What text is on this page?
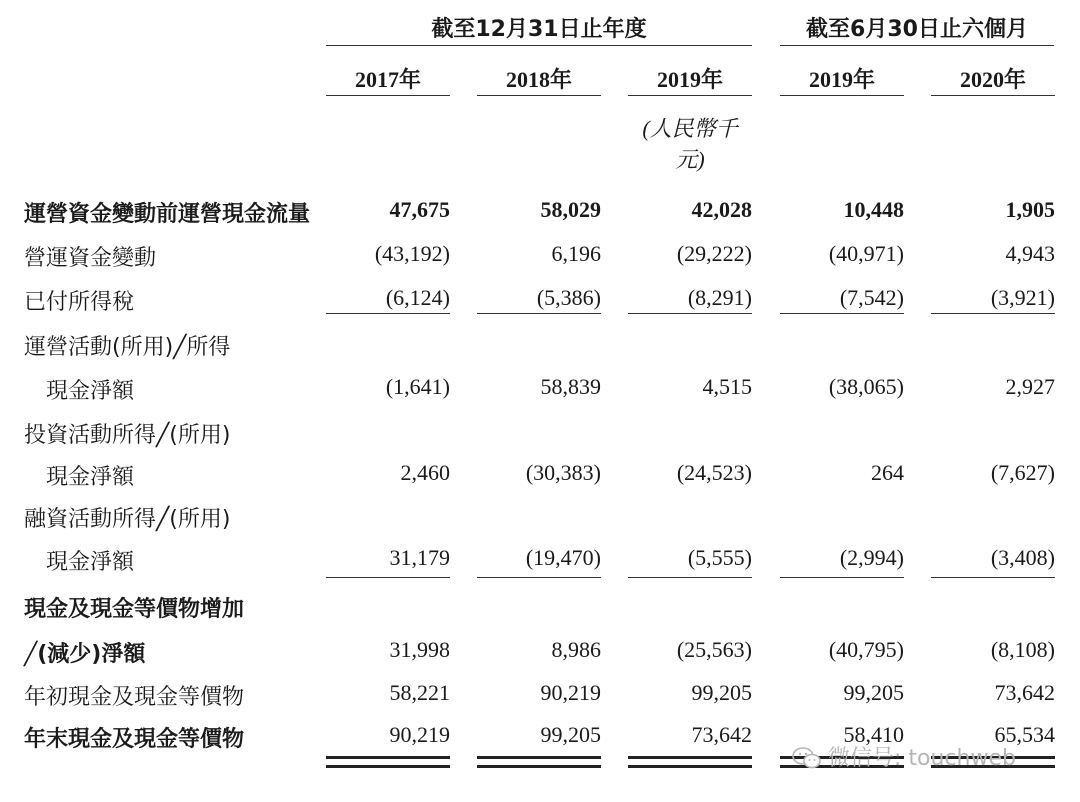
截至12月31日止年度	截至6月30日止六個月
2017年	2018年	2019年	2019年	2020年
(人民幣千元)
運營資金變動前運營現金流量	47,675	58,029	42,028	10,448	1,905
營運資金變動	(43,192)	6,196	(29,222)	(40,971)	4,943
已付所得稅	(6,124)	(5,386)	(8,291)	(7,542)	(3,921)
運營活動(所用)╱所得
　現金淨額	(1,641)	58,839	4,515	(38,065)	2,927
投資活動所得╱(所用)
　現金淨額	2,460	(30,383)	(24,523)	264	(7,627)
融資活動所得╱(所用)
　現金淨額	31,179	(19,470)	(5,555)	(2,994)	(3,408)
現金及現金等價物增加
╱(減少)淨額	31,998	8,986	(25,563)	(40,795)	(8,108)
年初現金及現金等價物	58,221	90,219	99,205	99,205	73,642
年末現金及現金等價物	90,219	99,205	73,642	58,410	65,534
微信号: touchweb
